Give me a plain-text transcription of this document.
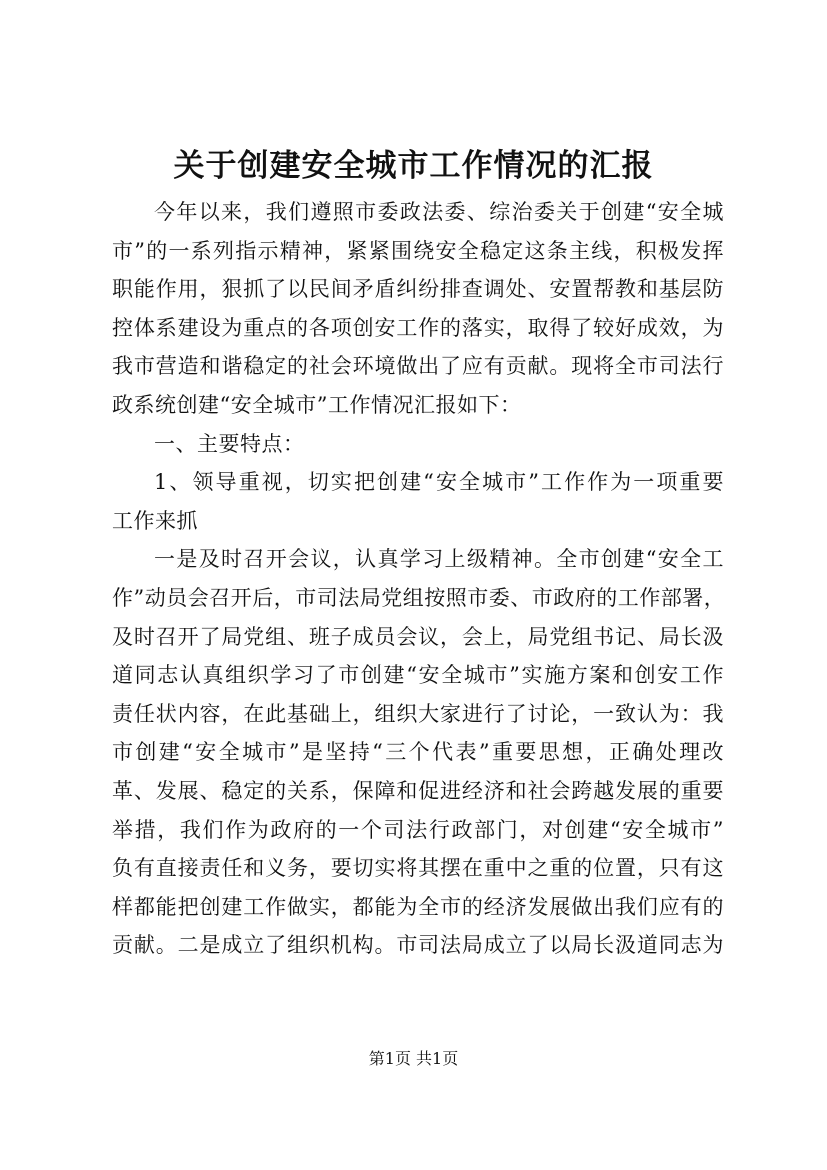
关于创建安全城市工作情况的汇报
今年以来，我们遵照市委政法委、综治委关于创建“安全城
市”的一系列指示精神，紧紧围绕安全稳定这条主线，积极发挥
职能作用，狠抓了以民间矛盾纠纷排查调处、安置帮教和基层防
控体系建设为重点的各项创安工作的落实，取得了较好成效，为
我市营造和谐稳定的社会环境做出了应有贡献。现将全市司法行
政系统创建“安全城市”工作情况汇报如下：
一、主要特点：
1、领导重视，切实把创建“安全城市”工作作为一项重要
工作来抓
一是及时召开会议，认真学习上级精神。全市创建“安全工
作”动员会召开后，市司法局党组按照市委、市政府的工作部署，
及时召开了局党组、班子成员会议，会上，局党组书记、局长汲
道同志认真组织学习了市创建“安全城市”实施方案和创安工作
责任状内容，在此基础上，组织大家进行了讨论，一致认为：我
市创建“安全城市”是坚持“三个代表”重要思想，正确处理改
革、发展、稳定的关系，保障和促进经济和社会跨越发展的重要
举措，我们作为政府的一个司法行政部门，对创建“安全城市”
负有直接责任和义务，要切实将其摆在重中之重的位置，只有这
样都能把创建工作做实，都能为全市的经济发展做出我们应有的
贡献。二是成立了组织机构。市司法局成立了以局长汲道同志为
第1页 共1页
